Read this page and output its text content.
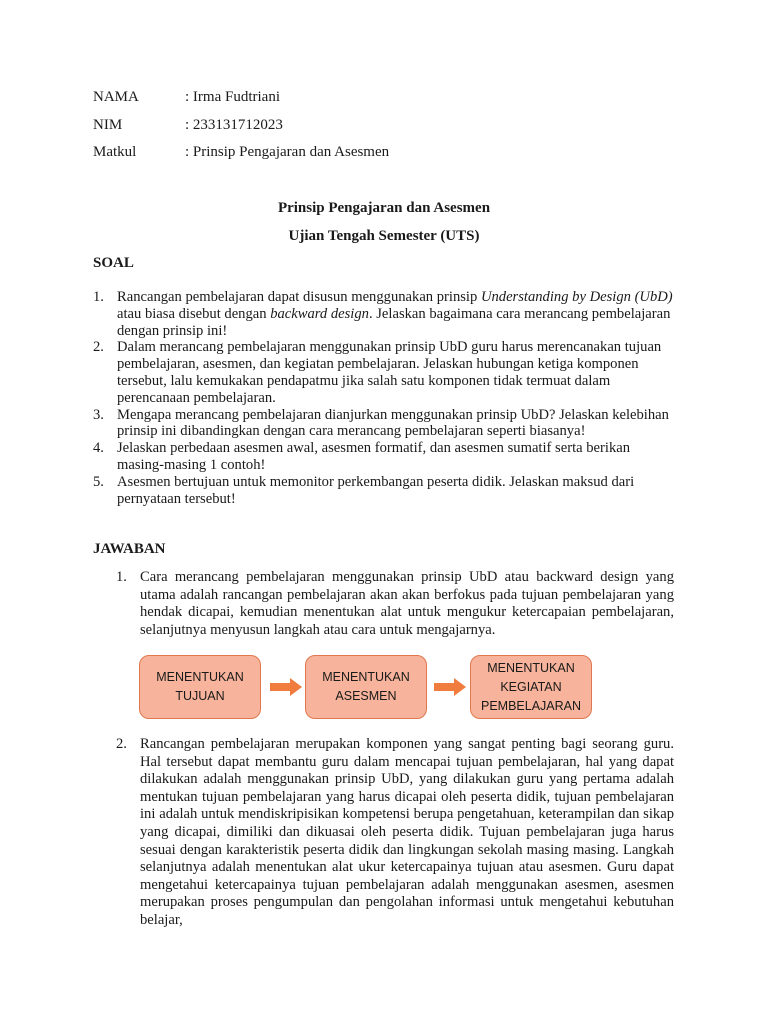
NAMA	: Irma Fudtriani
NIM	: 233131712023
Matkul	: Prinsip Pengajaran dan Asesmen
Prinsip Pengajaran dan Asesmen
Ujian Tengah Semester (UTS)
SOAL
1. Rancangan pembelajaran dapat disusun menggunakan prinsip Understanding by Design (UbD) atau biasa disebut dengan backward design. Jelaskan bagaimana cara merancang pembelajaran dengan prinsip ini!
2. Dalam merancang pembelajaran menggunakan prinsip UbD guru harus merencanakan tujuan pembelajaran, asesmen, dan kegiatan pembelajaran. Jelaskan hubungan ketiga komponen tersebut, lalu kemukakan pendapatmu jika salah satu komponen tidak termuat dalam perencanaan pembelajaran.
3. Mengapa merancang pembelajaran dianjurkan menggunakan prinsip UbD? Jelaskan kelebihan prinsip ini dibandingkan dengan cara merancang pembelajaran seperti biasanya!
4. Jelaskan perbedaan asesmen awal, asesmen formatif, dan asesmen sumatif serta berikan masing-masing 1 contoh!
5. Asesmen bertujuan untuk memonitor perkembangan peserta didik. Jelaskan maksud dari pernyataan tersebut!
JAWABAN
1. Cara merancang pembelajaran menggunakan prinsip UbD atau backward design yang utama adalah rancangan pembelajaran akan akan berfokus pada tujuan pembelajaran yang hendak dicapai, kemudian menentukan alat untuk mengukur ketercapaian pembelajaran, selanjutnya menyusun langkah atau cara untuk mengajarnya.
MENENTUKAN TUJUAN
MENENTUKAN ASESMEN
MENENTUKAN KEGIATAN PEMBELAJARAN
2. Rancangan pembelajaran merupakan komponen yang sangat penting bagi seorang guru. Hal tersebut dapat membantu guru dalam mencapai tujuan pembelajaran, hal yang dapat dilakukan adalah menggunakan prinsip UbD, yang dilakukan guru yang pertama adalah mentukan tujuan pembelajaran yang harus dicapai oleh peserta didik, tujuan pembelajaran ini adalah untuk mendiskripisikan kompetensi berupa pengetahuan, keterampilan dan sikap yang dicapai, dimiliki dan dikuasai oleh peserta didik. Tujuan pembelajaran juga harus sesuai dengan karakteristik peserta didik dan lingkungan sekolah masing masing. Langkah selanjutnya adalah menentukan alat ukur ketercapainya tujuan atau asesmen. Guru dapat mengetahui ketercapainya tujuan pembelajaran adalah menggunakan asesmen, asesmen merupakan proses pengumpulan dan pengolahan informasi untuk mengetahui kebutuhan belajar,
